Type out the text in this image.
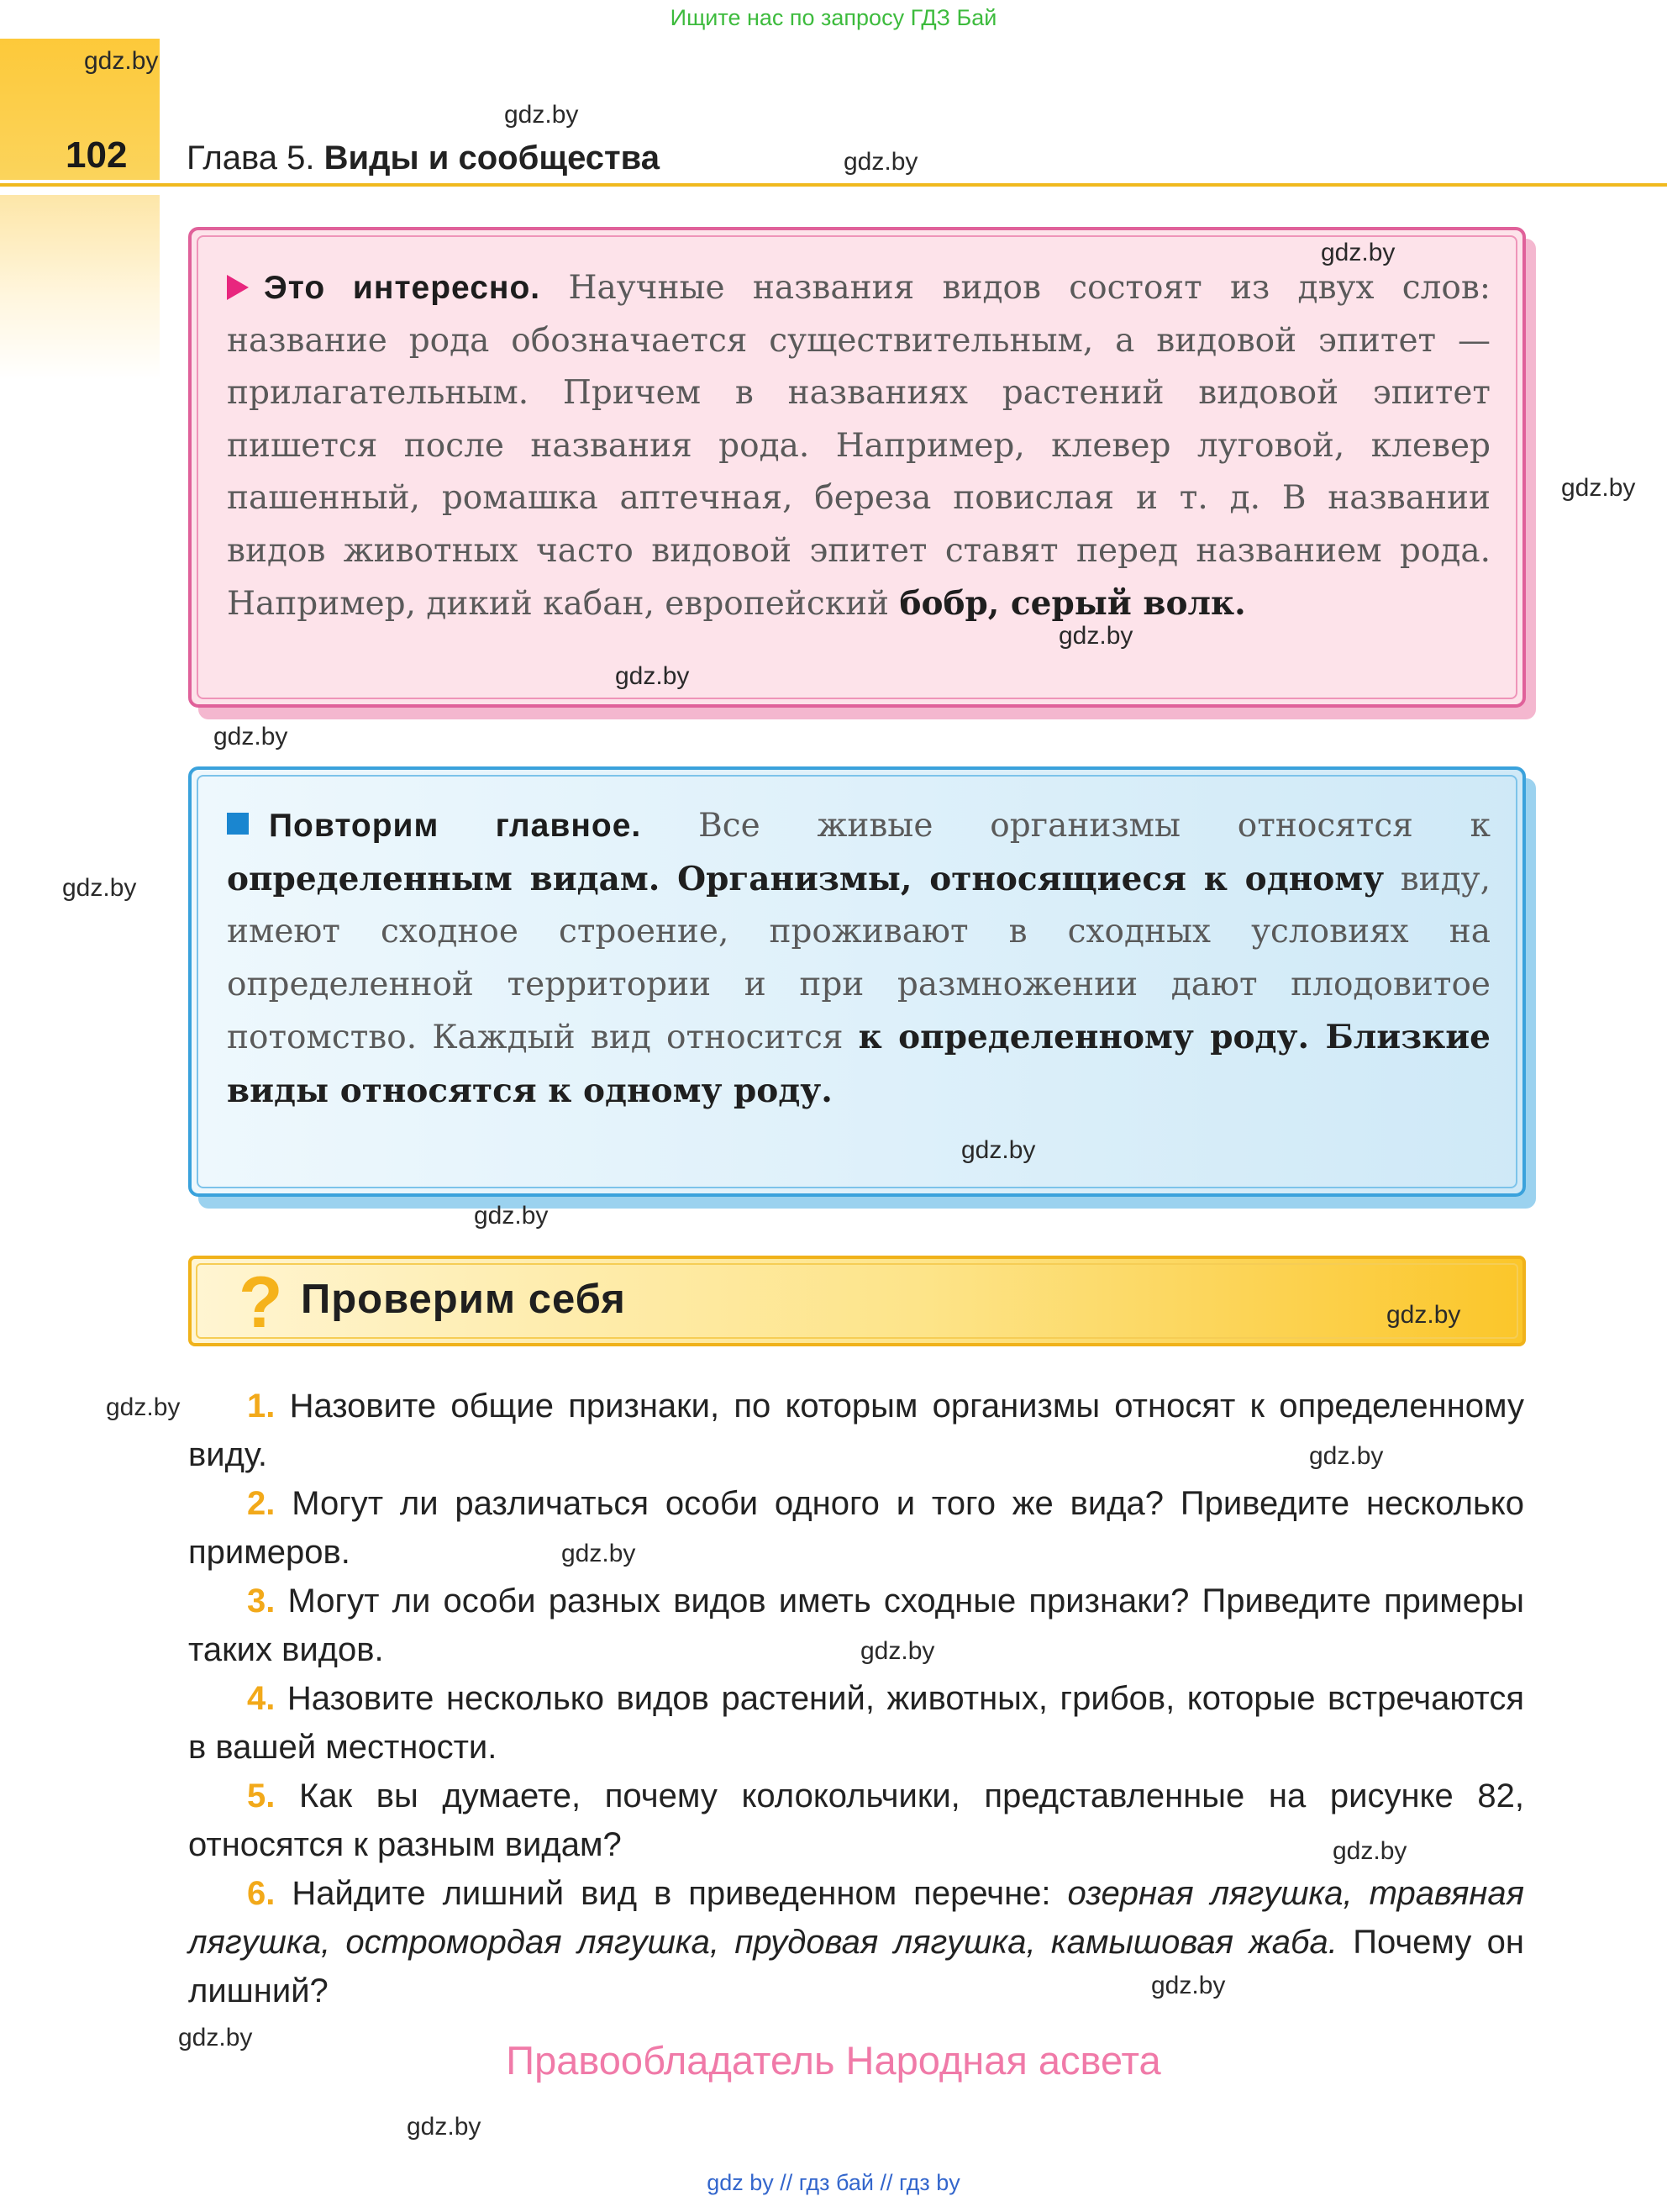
Ищите нас по запросу ГДЗ Бай
102 Глава 5. Виды и сообщества
Это интересно. Научные названия видов состоят из двух слов: название рода обозначается существительным, а видовой эпитет — прилагательным. Причем в названиях растений видовой эпитет пишется после названия рода. Например, клевер луговой, клевер пашенный, ромашка аптечная, береза повислая и т. д. В названии видов животных часто видовой эпитет ставят перед названием рода. Например, дикий кабан, европейский бобр, серый волк.
Повторим главное. Все живые организмы относятся к определенным видам. Организмы, относящиеся к одному виду, имеют сходное строение, проживают в сходных условиях на определенной территории и при размножении дают плодовитое потомство. Каждый вид относится к определенному роду. Близкие виды относятся к одному роду.
? Проверим себя

1. Назовите общие признаки, по которым организмы относят к определенному виду.

2. Могут ли различаться особи одного и того же вида? Приведите несколько примеров.

3. Могут ли особи разных видов иметь сходные признаки? Приведите примеры таких видов.

4. Назовите несколько видов растений, животных, грибов, которые встречаются в вашей местности.

5. Как вы думаете, почему колокольчики, представленные на рисунке 82, относятся к разным видам?

6. Найдите лишний вид в приведенном перечне: озерная лягушка, травяная лягушка, остромордая лягушка, прудовая лягушка, камышовая жаба. Почему он лишний?

Правообладатель Народная асвета
gdz.by
gdz.by
gdz.by
gdz.by
gdz.by
gdz.by
gdz.by
gdz.by
gdz.by
gdz.by
gdz.by
gdz.by
gdz.by
gdz.by
gdz.by
gdz.by
gdz.by
gdz.by
gdz.by
gdz.by
gdz by // гдз бай // гдз by
